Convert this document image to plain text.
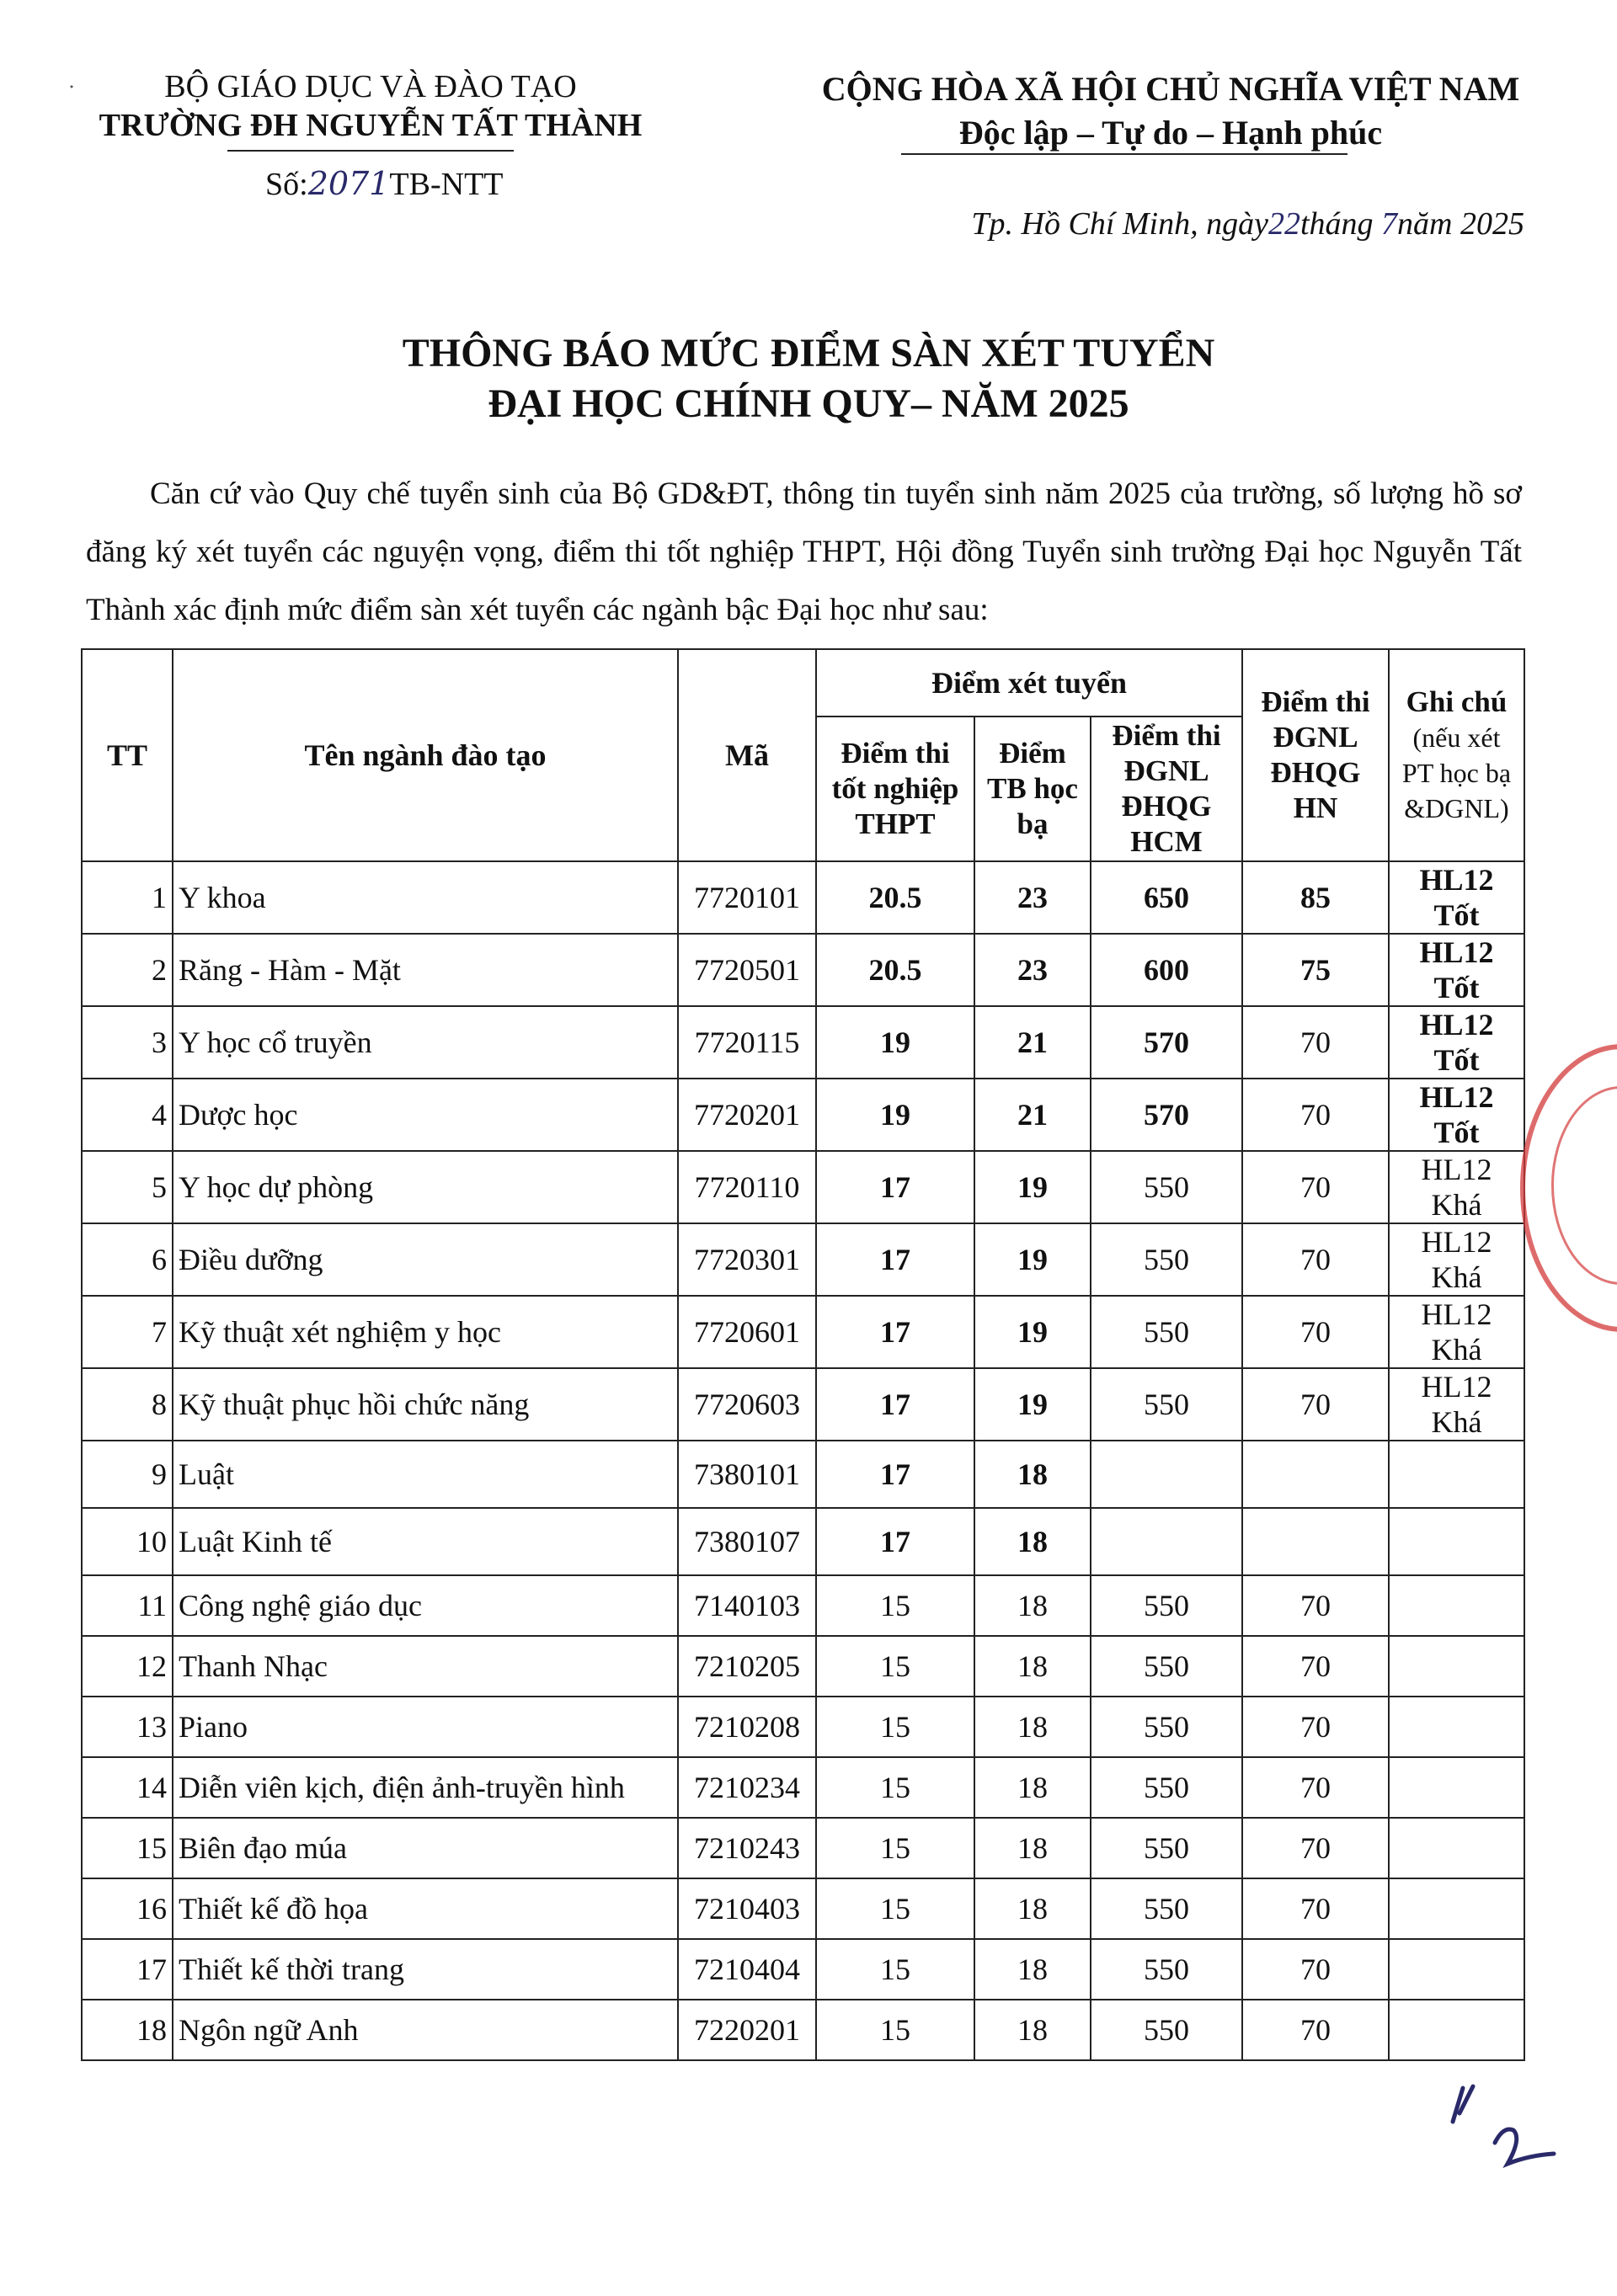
˙	BỘ GIÁO DỤC VÀ ĐÀO TẠO
TRƯỜNG ĐH NGUYỄN TẤT THÀNH
Số:2071TB-NTT
CỘNG HÒA XÃ HỘI CHỦ NGHĨA VIỆT NAM
Độc lập – Tự do – Hạnh phúc
Tp. Hồ Chí Minh, ngày22tháng 7năm 2025
THÔNG BÁO MỨC ĐIỂM SÀN XÉT TUYỂN
ĐẠI HỌC CHÍNH QUY– NĂM 2025
Căn cứ vào Quy chế tuyển sinh của Bộ GD&ĐT, thông tin tuyển sinh năm 2025 của trường, số lượng hồ sơ đăng ký xét tuyển các nguyện vọng, điểm thi tốt nghiệp THPT, Hội đồng Tuyển sinh trường Đại học Nguyễn Tất Thành xác định mức điểm sàn xét tuyển các ngành bậc Đại học như sau:
TT	Tên ngành đào tạo	Mã	Điểm xét tuyển			Điểm thi ĐGNL ĐHQG HN	Ghi chú
(nếu xét PT học bạ &DGNL)

			Điểm thi tốt nghiệp THPT	Điểm TB học bạ	Điểm thi ĐGNL ĐHQG HCM		
1	Y khoa	7720101	20.5	23	650	85	HL12 Tốt
2	Răng - Hàm - Mặt	7720501	20.5	23	600	75	HL12 Tốt
3	Y học cổ truyền	7720115	19	21	570	70	HL12 Tốt
4	Dược học	7720201	19	21	570	70	HL12 Tốt
5	Y học dự phòng	7720110	17	19	550	70	HL12 Khá
6	Điều dưỡng	7720301	17	19	550	70	HL12 Khá
7	Kỹ thuật xét nghiệm y học	7720601	17	19	550	70	HL12 Khá
8	Kỹ thuật phục hồi chức năng	7720603	17	19	550	70	HL12 Khá
9	Luật	7380101	17	18			
10	Luật Kinh tế	7380107	17	18			
11	Công nghệ giáo dục	7140103	15	18	550	70	
12	Thanh Nhạc	7210205	15	18	550	70	
13	Piano	7210208	15	18	550	70	
14	Diễn viên kịch, điện ảnh-truyền hình	7210234	15	18	550	70	
15	Biên đạo múa	7210243	15	18	550	70	
16	Thiết kế đồ họa	7210403	15	18	550	70	
17	Thiết kế thời trang	7210404	15	18	550	70	
18	Ngôn ngữ Anh	7220201	15	18	550	70	
